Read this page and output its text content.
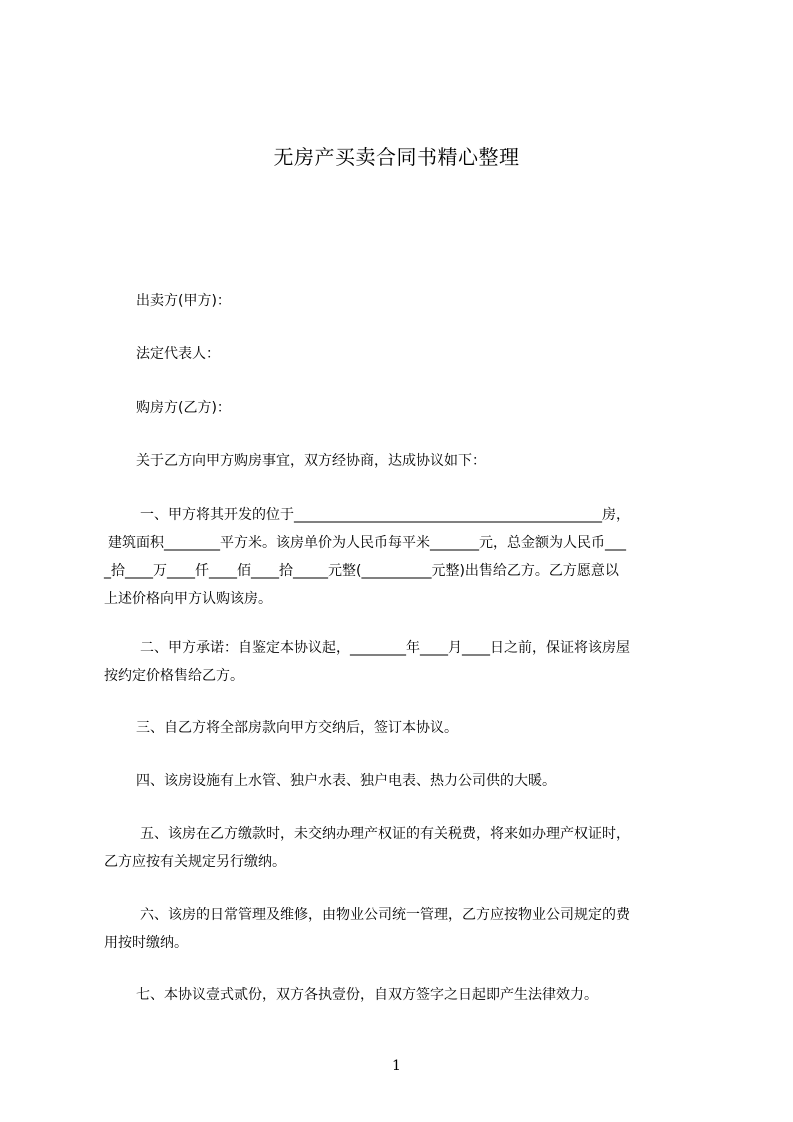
无房产买卖合同书精心整理
出卖方(甲方)：
法定代表人：
购房方(乙方)：
关于乙方向甲方购房事宜，双方经协商，达成协议如下：
一、甲方将其开发的位于____________________________________________房，
建筑面积________平方米。该房单价为人民币每平米_______元，总金额为人民币___
_拾____万____仟____佰____拾_____元整(__________元整)出售给乙方。乙方愿意以
上述价格向甲方认购该房。
二、甲方承诺：自鉴定本协议起，________年____月____日之前，保证将该房屋
按约定价格售给乙方。
三、自乙方将全部房款向甲方交纳后，签订本协议。
四、该房设施有上水管、独户水表、独户电表、热力公司供的大暖。
五、该房在乙方缴款时，未交纳办理产权证的有关税费，将来如办理产权证时，
乙方应按有关规定另行缴纳。
六、该房的日常管理及维修，由物业公司统一管理，乙方应按物业公司规定的费
用按时缴纳。
七、本协议壹式贰份，双方各执壹份，自双方签字之日起即产生法律效力。
1
